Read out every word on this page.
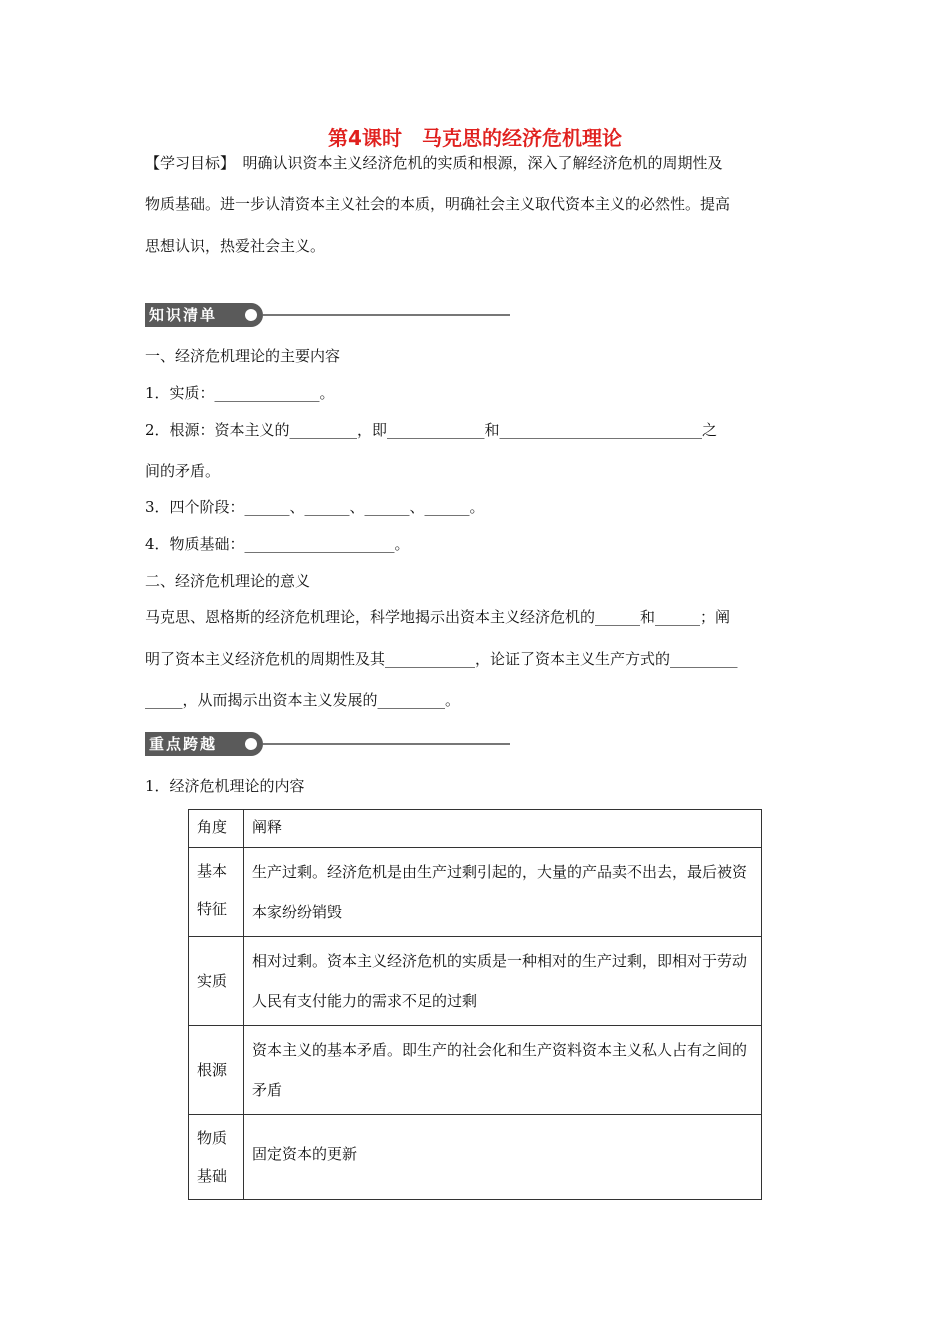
第4课时　马克思的经济危机理论
【学习目标】　明确认识资本主义经济危机的实质和根源，深入了解经济危机的周期性及
物质基础。进一步认清资本主义社会的本质，明确社会主义取代资本主义的必然性。提高
思想认识，热爱社会主义。
知识清单
一、经济危机理论的主要内容
1．实质：______________。
2．根源：资本主义的_________，即_____________和___________________________之
间的矛盾。
3．四个阶段：______、______、______、______。
4．物质基础：____________________。
二、经济危机理论的意义
马克思、恩格斯的经济危机理论，科学地揭示出资本主义经济危机的______和______；阐
明了资本主义经济危机的周期性及其____________，论证了资本主义生产方式的_________
_____，从而揭示出资本主义发展的_________。
重点跨越
1．经济危机理论的内容
角度	阐释
基本
特征	生产过剩。经济危机是由生产过剩引起的，大量的产品卖不出去，最后被资本家纷纷销毁
实质	相对过剩。资本主义经济危机的实质是一种相对的生产过剩，即相对于劳动人民有支付能力的需求不足的过剩
根源	资本主义的基本矛盾。即生产的社会化和生产资料资本主义私人占有之间的矛盾
物质
基础	固定资本的更新
